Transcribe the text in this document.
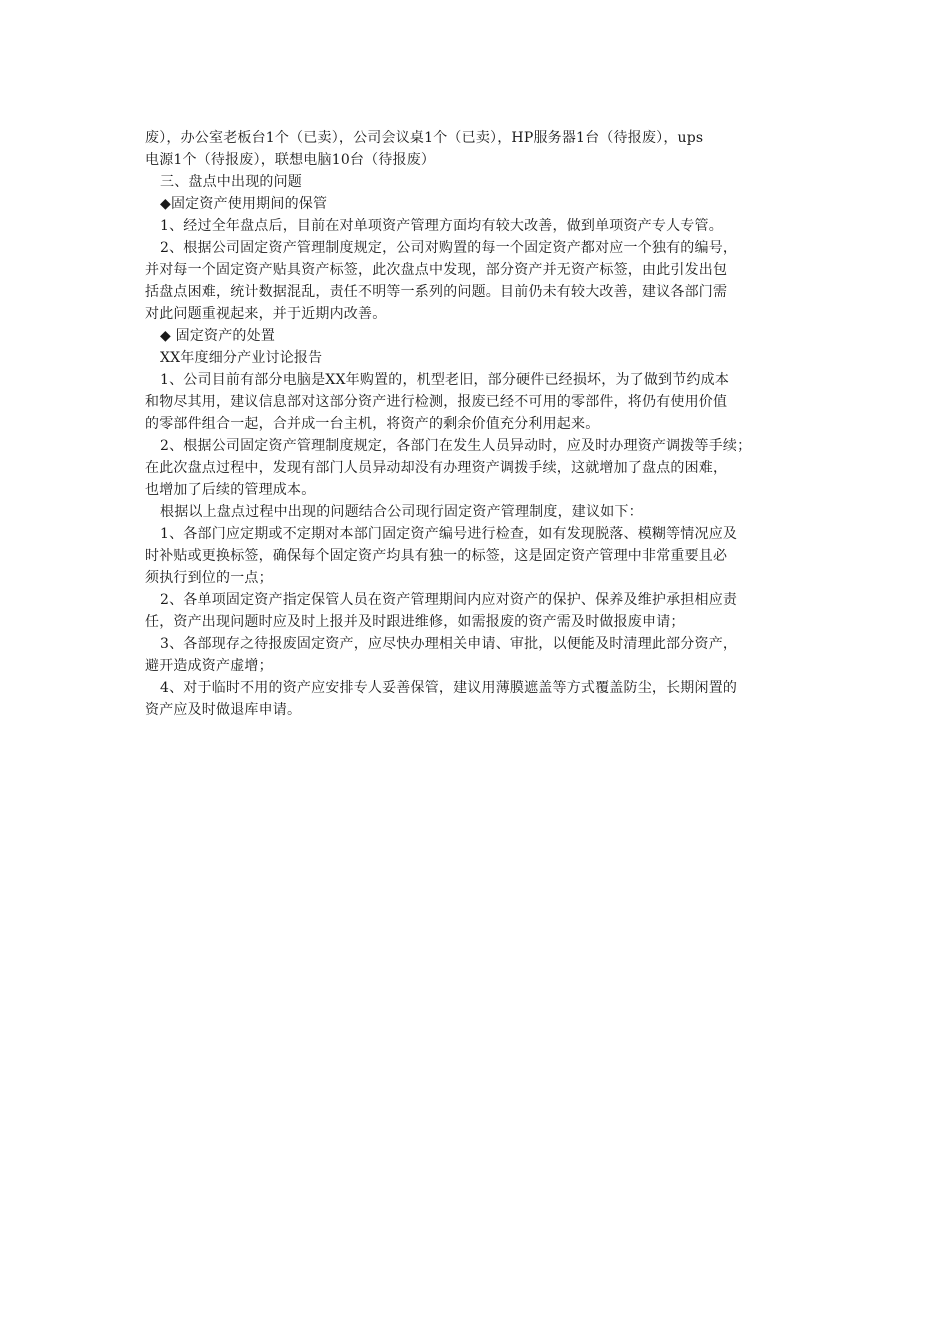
废），办公室老板台1个（已卖），公司会议桌1个（已卖），HP服务器1台（待报废），ups
电源1个（待报废），联想电脑10台（待报废）
三、盘点中出现的问题
◆固定资产使用期间的保管
1、经过全年盘点后，目前在对单项资产管理方面均有较大改善，做到单项资产专人专管。
2、根据公司固定资产管理制度规定，公司对购置的每一个固定资产都对应一个独有的编号，
并对每一个固定资产贴具资产标签，此次盘点中发现，部分资产并无资产标签，由此引发出包
括盘点困难，统计数据混乱，责任不明等一系列的问题。目前仍未有较大改善，建议各部门需
对此问题重视起来，并于近期内改善。
◆ 固定资产的处置
XX年度细分产业讨论报告
1、公司目前有部分电脑是XX年购置的，机型老旧，部分硬件已经损坏，为了做到节约成本
和物尽其用，建议信息部对这部分资产进行检测，报废已经不可用的零部件，将仍有使用价值
的零部件组合一起，合并成一台主机，将资产的剩余价值充分利用起来。
2、根据公司固定资产管理制度规定，各部门在发生人员异动时，应及时办理资产调拨等手续；
在此次盘点过程中，发现有部门人员异动却没有办理资产调拨手续，这就增加了盘点的困难，
也增加了后续的管理成本。
根据以上盘点过程中出现的问题结合公司现行固定资产管理制度，建议如下：
1、各部门应定期或不定期对本部门固定资产编号进行检查，如有发现脱落、模糊等情况应及
时补贴或更换标签，确保每个固定资产均具有独一的标签，这是固定资产管理中非常重要且必
须执行到位的一点；
2、各单项固定资产指定保管人员在资产管理期间内应对资产的保护、保养及维护承担相应责
任，资产出现问题时应及时上报并及时跟进维修，如需报废的资产需及时做报废申请；
3、各部现存之待报废固定资产，应尽快办理相关申请、审批，以便能及时清理此部分资产，
避开造成资产虚增；
4、对于临时不用的资产应安排专人妥善保管，建议用薄膜遮盖等方式覆盖防尘，长期闲置的
资产应及时做退库申请。
